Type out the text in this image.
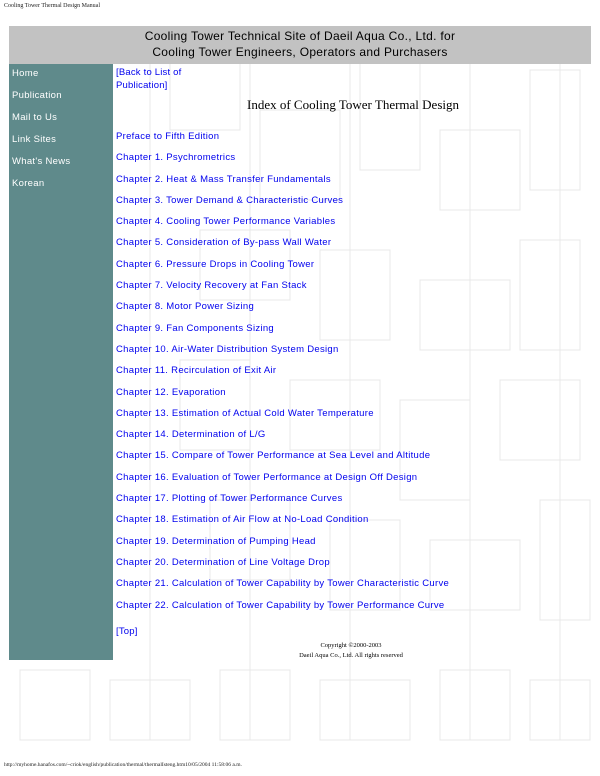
Cooling Tower Thermal Design Manual
Cooling Tower Technical Site of Daeil Aqua Co., Ltd. for
Cooling Tower Engineers, Operators and Purchasers
Home
Publication
Mail to Us
Link Sites
What's News
Korean
[Back to List of
Publication]
Index of Cooling Tower Thermal Design
Preface to Fifth Edition
Chapter 1. Psychrometrics
Chapter 2. Heat & Mass Transfer Fundamentals
Chapter 3. Tower Demand & Characteristic Curves
Chapter 4. Cooling Tower Performance Variables
Chapter 5. Consideration of By-pass Wall Water
Chapter 6. Pressure Drops in Cooling Tower
Chapter 7. Velocity Recovery at Fan Stack
Chapter 8. Motor Power Sizing
Chapter 9. Fan Components Sizing
Chapter 10. Air-Water Distribution System Design
Chapter 11. Recirculation of Exit Air
Chapter 12. Evaporation
Chapter 13. Estimation of Actual Cold Water Temperature
Chapter 14. Determination of L/G
Chapter 15. Compare of Tower Performance at Sea Level and Altitude
Chapter 16. Evaluation of Tower Performance at Design Off Design
Chapter 17. Plotting of Tower Performance Curves
Chapter 18. Estimation of Air Flow at No-Load Condition
Chapter 19. Determination of Pumping Head
Chapter 20. Determination of Line Voltage Drop
Chapter 21. Calculation of Tower Capability by Tower Characteristic Curve
Chapter 22. Calculation of Tower Capability by Tower Performance Curve
[Top]
Copyright ©2000-2003
Daeil Aqua Co., Ltd. All rights reserved
http://myhome.hanafos.com/~criok/english/publication/thermal/thermalIsteng.htm10/05/2004 11:58:06 a.m.
